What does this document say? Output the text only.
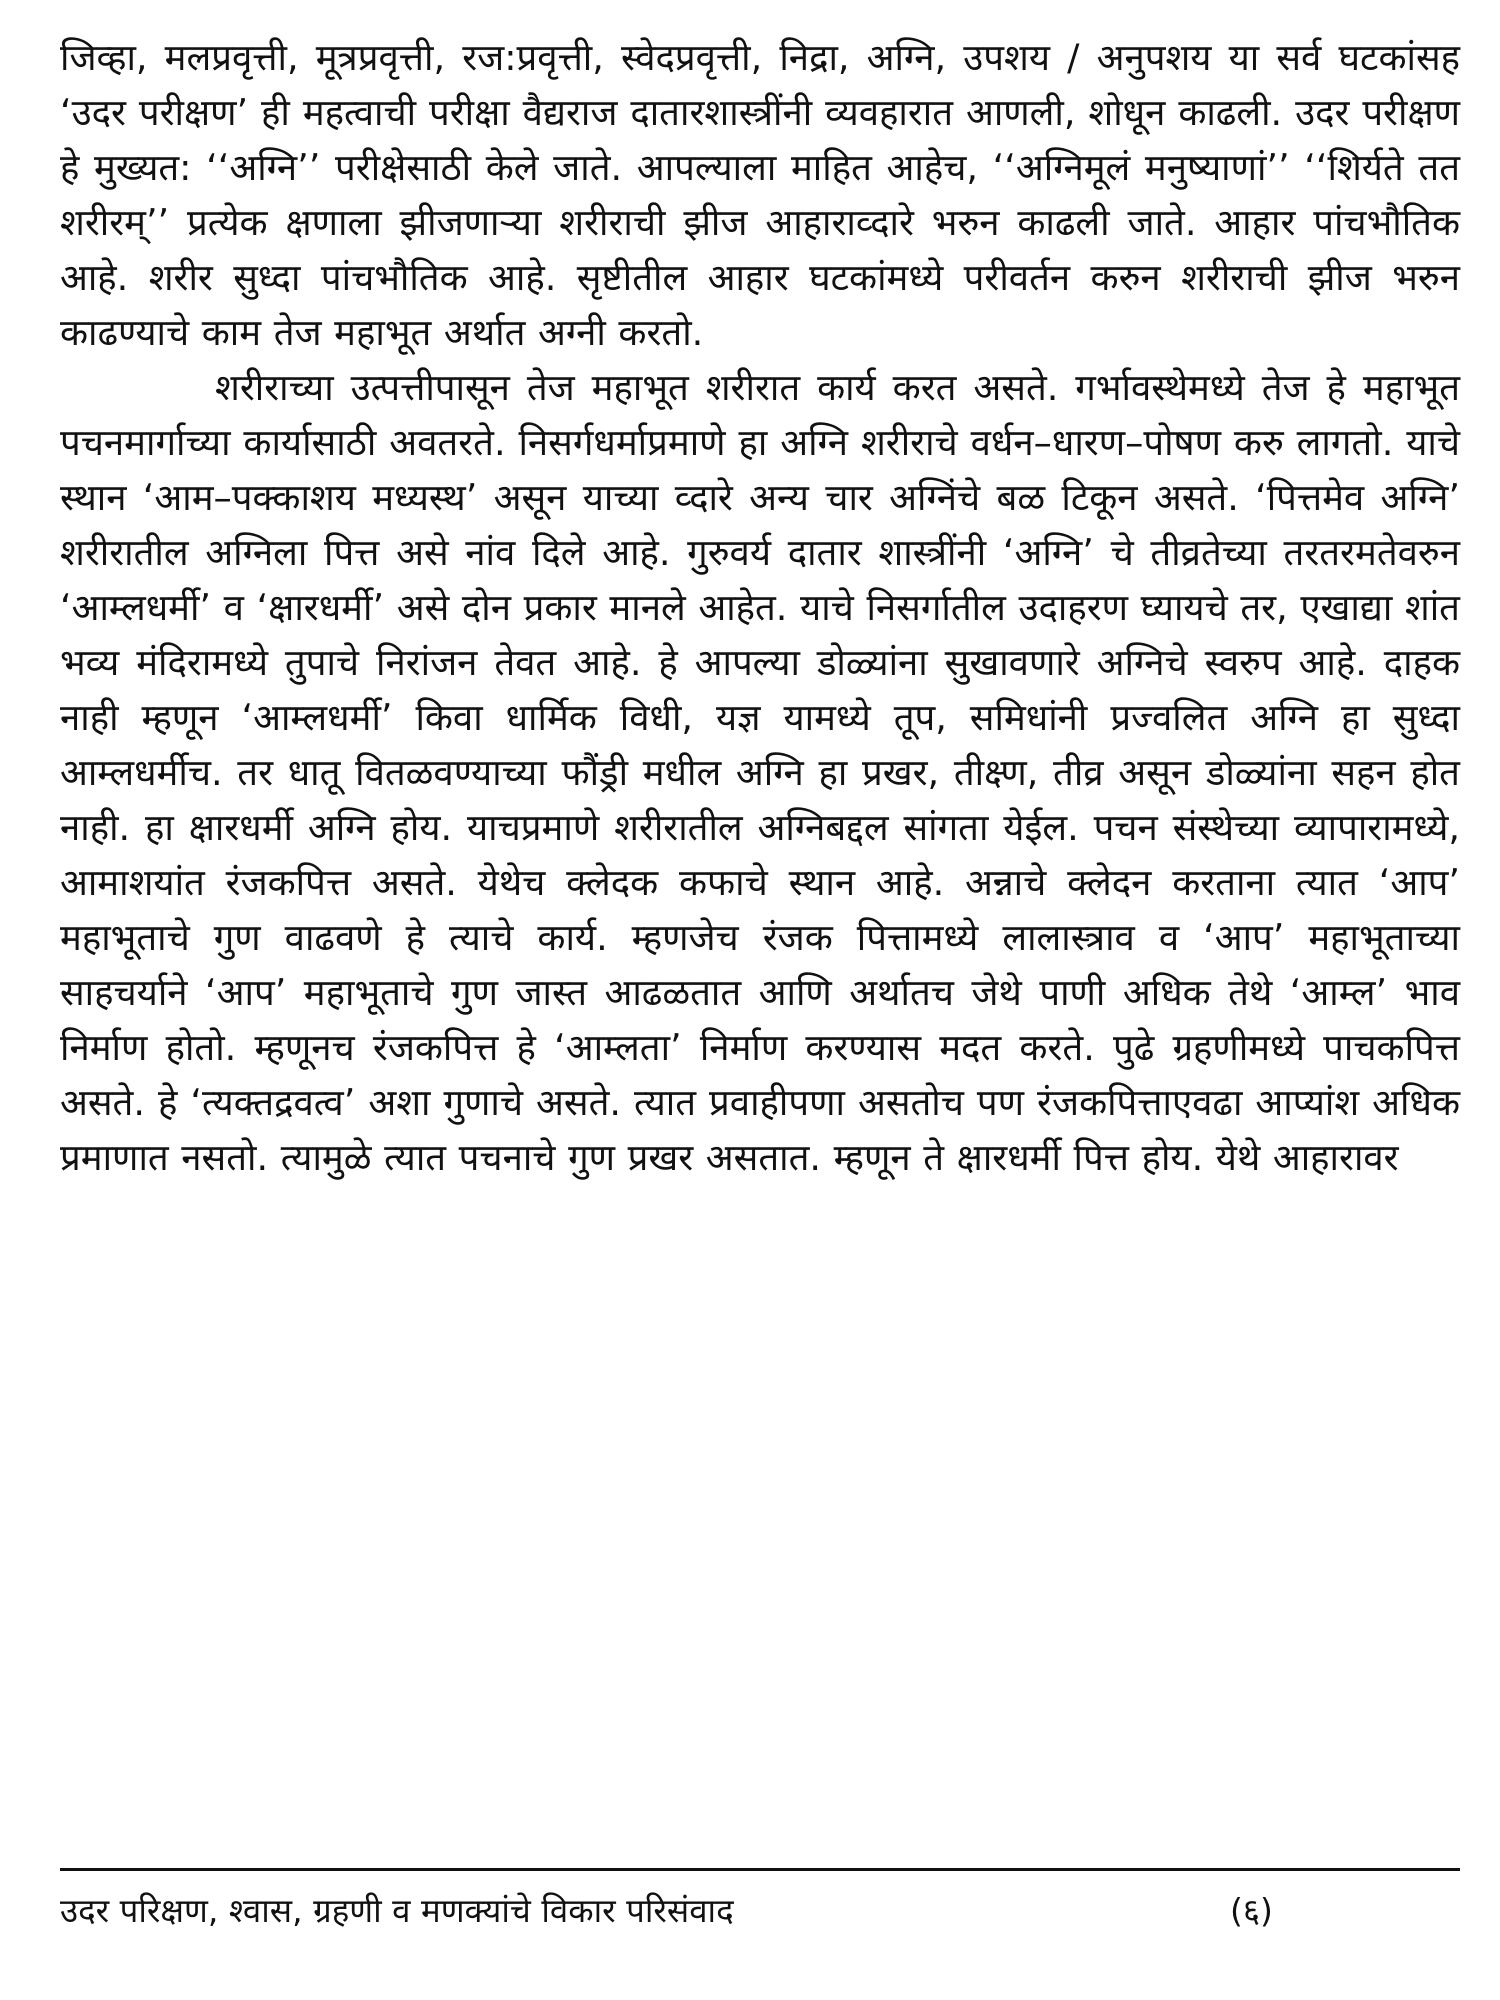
जिव्हा, मलप्रवृत्ती, मूत्रप्रवृत्ती, रज:प्रवृत्ती, स्वेदप्रवृत्ती, निद्रा, अग्नि, उपशय / अनुपशय या सर्व घटकांसह ‘उदर परीक्षण’ ही महत्वाची परीक्षा वैद्यराज दातारशास्त्रींनी व्यवहारात आणली, शोधून काढली. उदर परीक्षण हे मुख्यत: ‘‘अग्नि’’ परीक्षेसाठी केले जाते. आपल्याला माहित आहेच, ‘‘अग्निमूलं मनुष्याणां’’ ‘‘शिर्यते तत शरीरम्’’ प्रत्येक क्षणाला झीजणाऱ्या शरीराची झीज आहाराव्दारे भरुन काढली जाते. आहार पांचभौतिक आहे. शरीर सुध्दा पांचभौतिक आहे. सृष्टीतील आहार घटकांमध्ये परीवर्तन करुन शरीराची झीज भरुन काढण्याचे काम तेज महाभूत अर्थात अग्नी करतो.

शरीराच्या उत्पत्तीपासून तेज महाभूत शरीरात कार्य करत असते. गर्भावस्थेमध्ये तेज हे महाभूत पचनमार्गाच्या कार्यासाठी अवतरते. निसर्गधर्माप्रमाणे हा अग्नि शरीराचे वर्धन–धारण–पोषण करु लागतो. याचे स्थान ‘आम–पक्काशय मध्यस्थ’ असून याच्या व्दारे अन्य चार अग्निंचे बळ टिकून असते. ‘पित्तमेव अग्नि’ शरीरातील अग्निला पित्त असे नांव दिले आहे. गुरुवर्य दातार शास्त्रींनी ‘अग्नि’ चे तीव्रतेच्या तरतरमतेवरुन ‘आम्लधर्मी’ व ‘क्षारधर्मी’ असे दोन प्रकार मानले आहेत. याचे निसर्गातील उदाहरण घ्यायचे तर, एखाद्या शांत भव्य मंदिरामध्ये तुपाचे निरांजन तेवत आहे. हे आपल्या डोळ्यांना सुखावणारे अग्निचे स्वरुप आहे. दाहक नाही म्हणून ‘आम्लधर्मी’ किवा धार्मिक विधी, यज्ञ यामध्ये तूप, समिधांनी प्रज्वलित अग्नि हा सुध्दा आम्लधर्मीच. तर धातू वितळवण्याच्या फौंड्री मधील अग्नि हा प्रखर, तीक्ष्ण, तीव्र असून डोळ्यांना सहन होत नाही. हा क्षारधर्मी अग्नि होय. याचप्रमाणे शरीरातील अग्निबद्दल सांगता येईल. पचन संस्थेच्या व्यापारामध्ये, आमाशयांत रंजकपित्त असते. येथेच क्लेदक कफाचे स्थान आहे. अन्नाचे क्लेदन करताना त्यात ‘आप’ महाभूताचे गुण वाढवणे हे त्याचे कार्य. म्हणजेच रंजक पित्तामध्ये लालास्त्राव व ‘आप’ महाभूताच्या साहचर्याने ‘आप’ महाभूताचे गुण जास्त आढळतात आणि अर्थातच जेथे पाणी अधिक तेथे ‘आम्ल’ भाव निर्माण होतो. म्हणूनच रंजकपित्त हे ‘आम्लता’ निर्माण करण्यास मदत करते. पुढे ग्रहणीमध्ये पाचकपित्त असते. हे ‘त्यक्तद्रवत्व’ अशा गुणाचे असते. त्यात प्रवाहीपणा असतोच पण रंजकपित्ताएवढा आप्यांश अधिक प्रमाणात नसतो. त्यामुळे त्यात पचनाचे गुण प्रखर असतात. म्हणून ते क्षारधर्मी पित्त होय. येथे आहारावर

उदर परिक्षण, श्वास, ग्रहणी व मणक्यांचे विकार परिसंवाद	(६)
